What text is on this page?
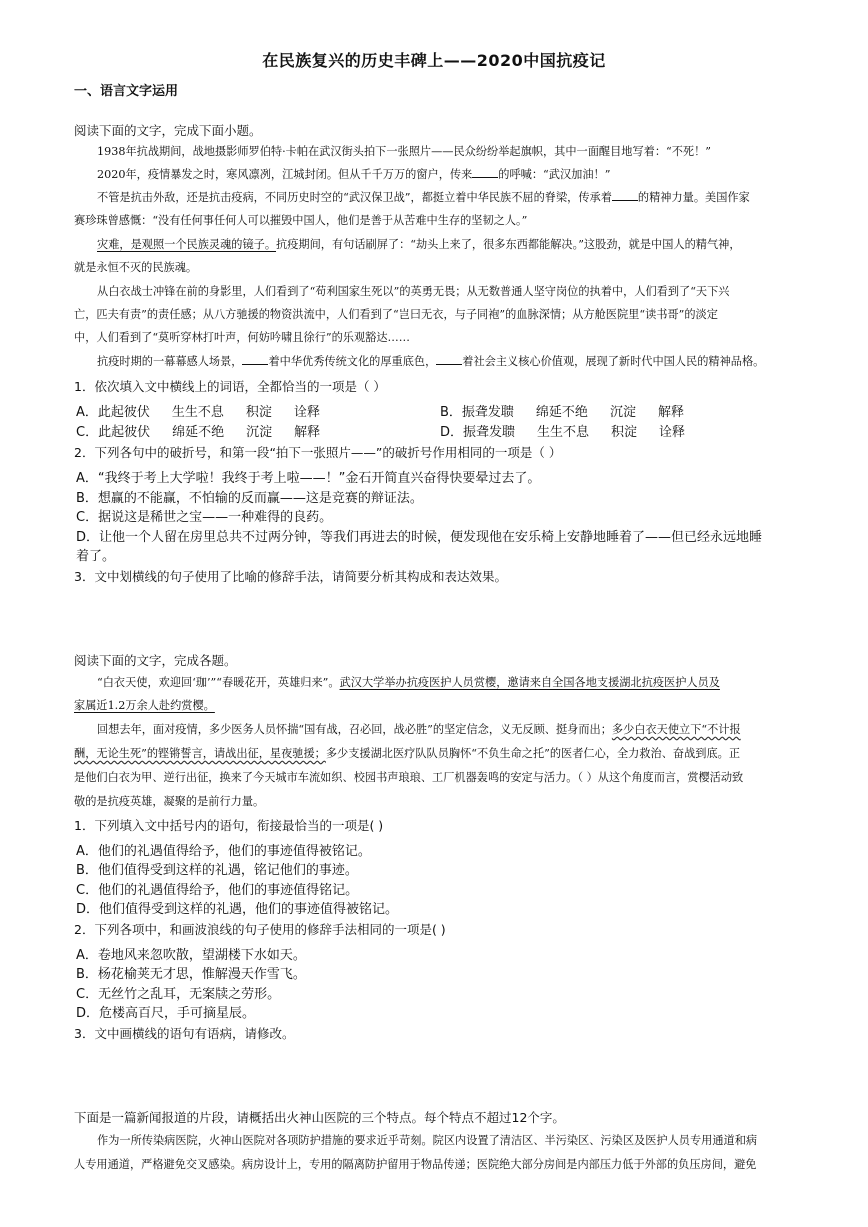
在民族复兴的历史丰碑上——2020中国抗疫记
一、语言文字运用
阅读下面的文字，完成下面小题。
1938年抗战期间，战地摄影师罗伯特·卡帕在武汉街头拍下一张照片——民众纷纷举起旗帜，其中一面醒目地写着：“不死！”
2020年，疫情暴发之时，寒风凛冽，江城封闭。但从千千万万的窗户，传来 的呼喊：“武汉加油！”
不管是抗击外敌，还是抗击疫病，不同历史时空的“武汉保卫战”，都挺立着中华民族不屈的脊梁，传承着 的精神力量。美国作家
赛珍珠曾感慨：“没有任何事任何人可以摧毁中国人，他们是善于从苦难中生存的坚韧之人。”
灾难，是观照一个民族灵魂的镜子。抗疫期间，有句话刷屏了：“劫头上来了，很多东西都能解决。”这股劲，就是中国人的精气神，
就是永恒不灭的民族魂。
从白衣战士冲锋在前的身影里，人们看到了“苟利国家生死以”的英勇无畏；从无数普通人坚守岗位的执着中，人们看到了“天下兴
亡，匹夫有责”的责任感；从八方驰援的物资洪流中，人们看到了“岂曰无衣，与子同袍”的血脉深情；从方舱医院里“读书哥”的淡定
中，人们看到了“莫听穿林打叶声，何妨吟啸且徐行”的乐观豁达……
抗疫时期的一幕幕感人场景， 着中华优秀传统文化的厚重底色， 着社会主义核心价值观，展现了新时代中国人民的精神品格。
1．依次填入文中横线上的词语，全都恰当的一项是（ ）
A．此起彼伏 生生不息 积淀 诠释	B．振聋发聩 绵延不绝 沉淀 解释
C．此起彼伏 绵延不绝 沉淀 解释	D．振聋发聩 生生不息 积淀 诠释
2．下列各句中的破折号，和第一段“拍下一张照片——”的破折号作用相同的一项是（ ）
A．“我终于考上大学啦！我终于考上啦——！”金石开简直兴奋得快要晕过去了。
B．想赢的不能赢，不怕输的反而赢——这是竞赛的辩证法。
C．据说这是稀世之宝——一种难得的良药。
D．让他一个人留在房里总共不过两分钟，等我们再进去的时候，便发现他在安乐椅上安静地睡着了——但已经永远地睡
着了。
3．文中划横线的句子使用了比喻的修辞手法，请简要分析其构成和表达效果。
阅读下面的文字，完成各题。
“白衣天使，欢迎回‘珈’”“春暖花开，英雄归来”。武汉大学举办抗疫医护人员赏樱，邀请来自全国各地支援湖北抗疫医护人员及
家属近1.2万余人赴约赏樱。
回想去年，面对疫情，多少医务人员怀揣“国有战，召必回，战必胜”的坚定信念，义无反顾、挺身而出；多少白衣天使立下“不计报
酬，无论生死”的铿锵誓言，请战出征，星夜驰援；多少支援湖北医疗队队员胸怀“不负生命之托”的医者仁心，全力救治、奋战到底。正
是他们白衣为甲、逆行出征，换来了今天城市车流如织、校园书声琅琅、工厂机器轰鸣的安定与活力。（ ）从这个角度而言，赏樱活动致
敬的是抗疫英雄，凝聚的是前行力量。
1．下列填入文中括号内的语句，衔接最恰当的一项是( )
A．他们的礼遇值得给予，他们的事迹值得被铭记。
B．他们值得受到这样的礼遇，铭记他们的事迹。
C．他们的礼遇值得给予，他们的事迹值得铭记。
D．他们值得受到这样的礼遇，他们的事迹值得被铭记。
2．下列各项中，和画波浪线的句子使用的修辞手法相同的一项是( )
A．卷地风来忽吹散，望湖楼下水如天。
B．杨花榆荚无才思，惟解漫天作雪飞。
C．无丝竹之乱耳，无案牍之劳形。
D．危楼高百尺，手可摘星辰。
3．文中画横线的语句有语病，请修改。
下面是一篇新闻报道的片段，请概括出火神山医院的三个特点。每个特点不超过12个字。
作为一所传染病医院，火神山医院对各项防护措施的要求近乎苛刻。院区内设置了清洁区、半污染区、污染区及医护人员专用通道和病
人专用通道，严格避免交叉感染。病房设计上，专用的隔离防护留用于物品传递；医院绝大部分房间是内部压力低于外部的负压房间，避免
